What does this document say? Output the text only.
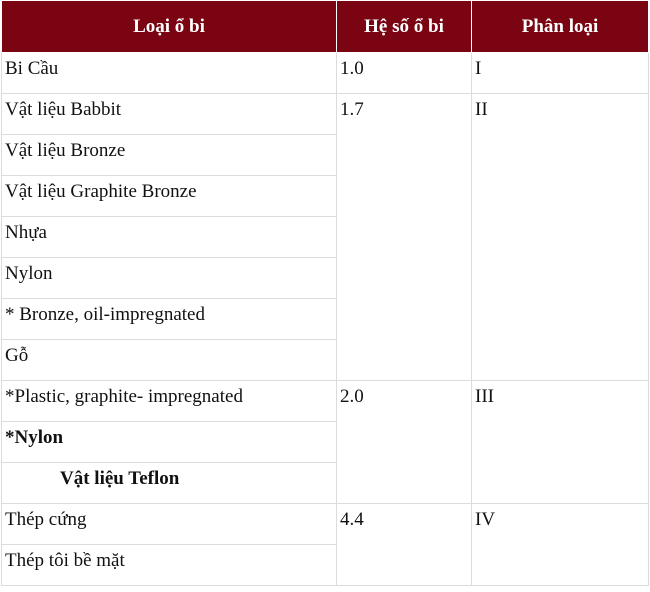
Loại ổ bi	Hệ số ổ bi	Phân loại
Bi Cầu	1.0	I
Vật liệu Babbit	1.7	II
Vật liệu Bronze		
Vật liệu Graphite Bronze		
Nhựa		
Nylon		
* Bronze, oil-impregnated		
Gỗ		
*Plastic, graphite- impregnated	2.0	III
*Nylon		
Vật liệu Teflon		
Thép cứng	4.4	IV
Thép tôi bề mặt		
